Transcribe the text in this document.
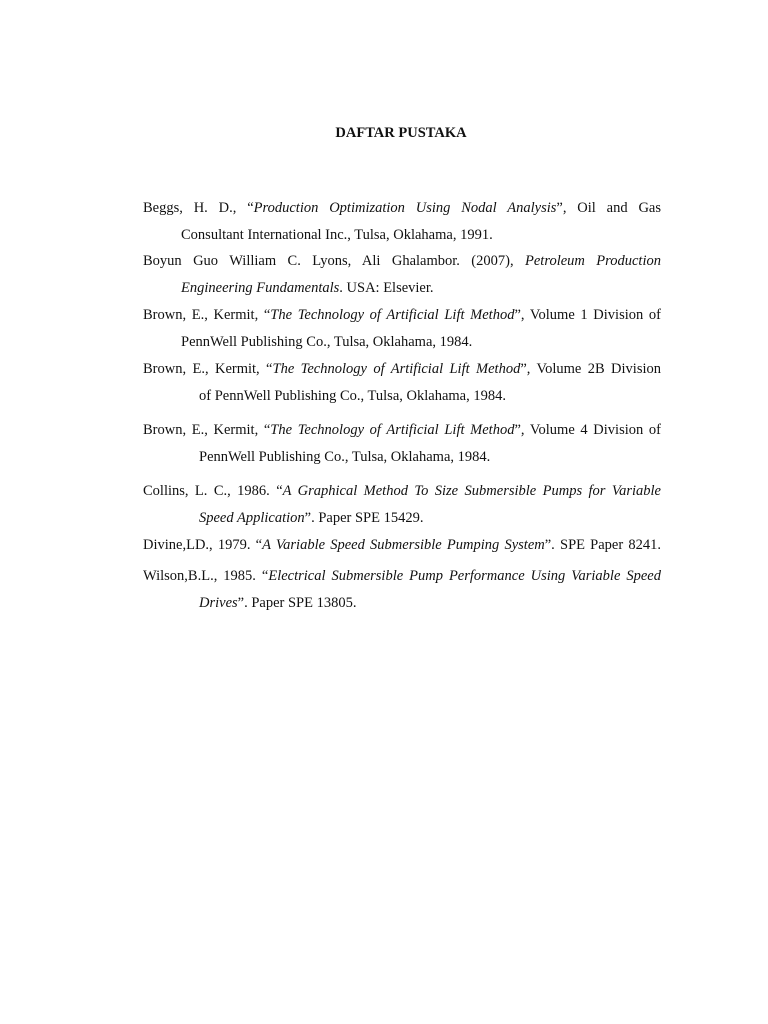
DAFTAR PUSTAKA
Beggs, H. D., “Production Optimization Using Nodal Analysis”, Oil and Gas
Consultant International Inc., Tulsa, Oklahama, 1991.
Boyun Guo William C. Lyons, Ali Ghalambor. (2007), Petroleum Production
Engineering Fundamentals. USA: Elsevier.
Brown, E., Kermit, “The Technology of Artificial Lift Method”, Volume 1 Division of
PennWell Publishing Co., Tulsa, Oklahama, 1984.
Brown, E., Kermit, “The Technology of Artificial Lift Method”, Volume 2B Division
of PennWell Publishing Co., Tulsa, Oklahama, 1984.
Brown, E., Kermit, “The Technology of Artificial Lift Method”, Volume 4 Division of
PennWell Publishing Co., Tulsa, Oklahama, 1984.
Collins, L. C., 1986. “A Graphical Method To Size Submersible Pumps for Variable
Speed Application”. Paper SPE 15429.
Divine,LD., 1979. “A Variable Speed Submersible Pumping System”. SPE Paper 8241.
Wilson,B.L., 1985. “Electrical Submersible Pump Performance Using Variable Speed
Drives”. Paper SPE 13805.
